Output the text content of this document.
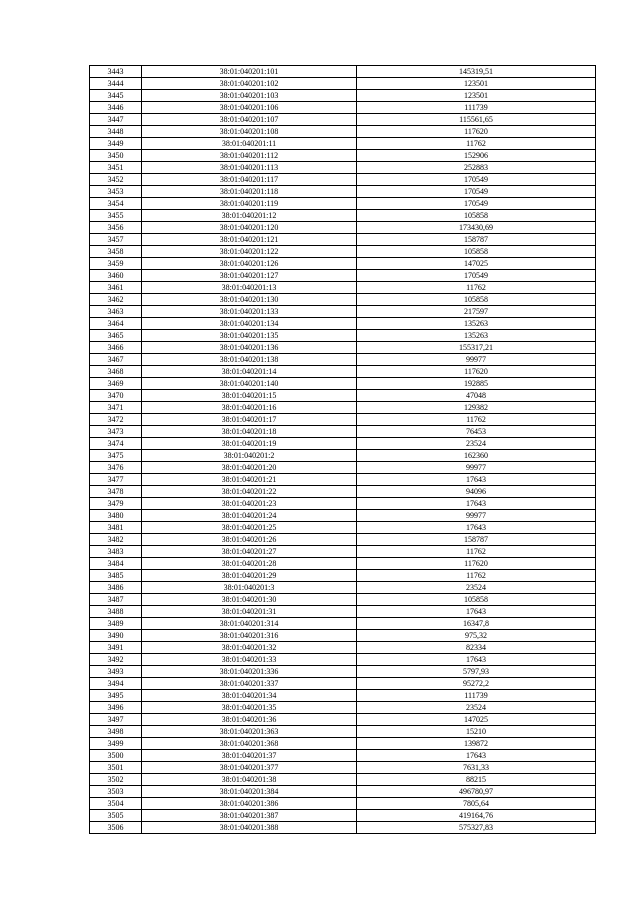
3443	38:01:040201:101	145319,51
3444	38:01:040201:102	123501
3445	38:01:040201:103	123501
3446	38:01:040201:106	111739
3447	38:01:040201:107	115561,65
3448	38:01:040201:108	117620
3449	38:01:040201:11	11762
3450	38:01:040201:112	152906
3451	38:01:040201:113	252883
3452	38:01:040201:117	170549
3453	38:01:040201:118	170549
3454	38:01:040201:119	170549
3455	38:01:040201:12	105858
3456	38:01:040201:120	173430,69
3457	38:01:040201:121	158787
3458	38:01:040201:122	105858
3459	38:01:040201:126	147025
3460	38:01:040201:127	170549
3461	38:01:040201:13	11762
3462	38:01:040201:130	105858
3463	38:01:040201:133	217597
3464	38:01:040201:134	135263
3465	38:01:040201:135	135263
3466	38:01:040201:136	155317,21
3467	38:01:040201:138	99977
3468	38:01:040201:14	117620
3469	38:01:040201:140	192885
3470	38:01:040201:15	47048
3471	38:01:040201:16	129382
3472	38:01:040201:17	11762
3473	38:01:040201:18	76453
3474	38:01:040201:19	23524
3475	38:01:040201:2	162360
3476	38:01:040201:20	99977
3477	38:01:040201:21	17643
3478	38:01:040201:22	94096
3479	38:01:040201:23	17643
3480	38:01:040201:24	99977
3481	38:01:040201:25	17643
3482	38:01:040201:26	158787
3483	38:01:040201:27	11762
3484	38:01:040201:28	117620
3485	38:01:040201:29	11762
3486	38:01:040201:3	23524
3487	38:01:040201:30	105858
3488	38:01:040201:31	17643
3489	38:01:040201:314	16347,8
3490	38:01:040201:316	975,32
3491	38:01:040201:32	82334
3492	38:01:040201:33	17643
3493	38:01:040201:336	5797,93
3494	38:01:040201:337	95272,2
3495	38:01:040201:34	111739
3496	38:01:040201:35	23524
3497	38:01:040201:36	147025
3498	38:01:040201:363	15210
3499	38:01:040201:368	139872
3500	38:01:040201:37	17643
3501	38:01:040201:377	7631,33
3502	38:01:040201:38	88215
3503	38:01:040201:384	496780,97
3504	38:01:040201:386	7805,64
3505	38:01:040201:387	419164,76
3506	38:01:040201:388	575327,83
